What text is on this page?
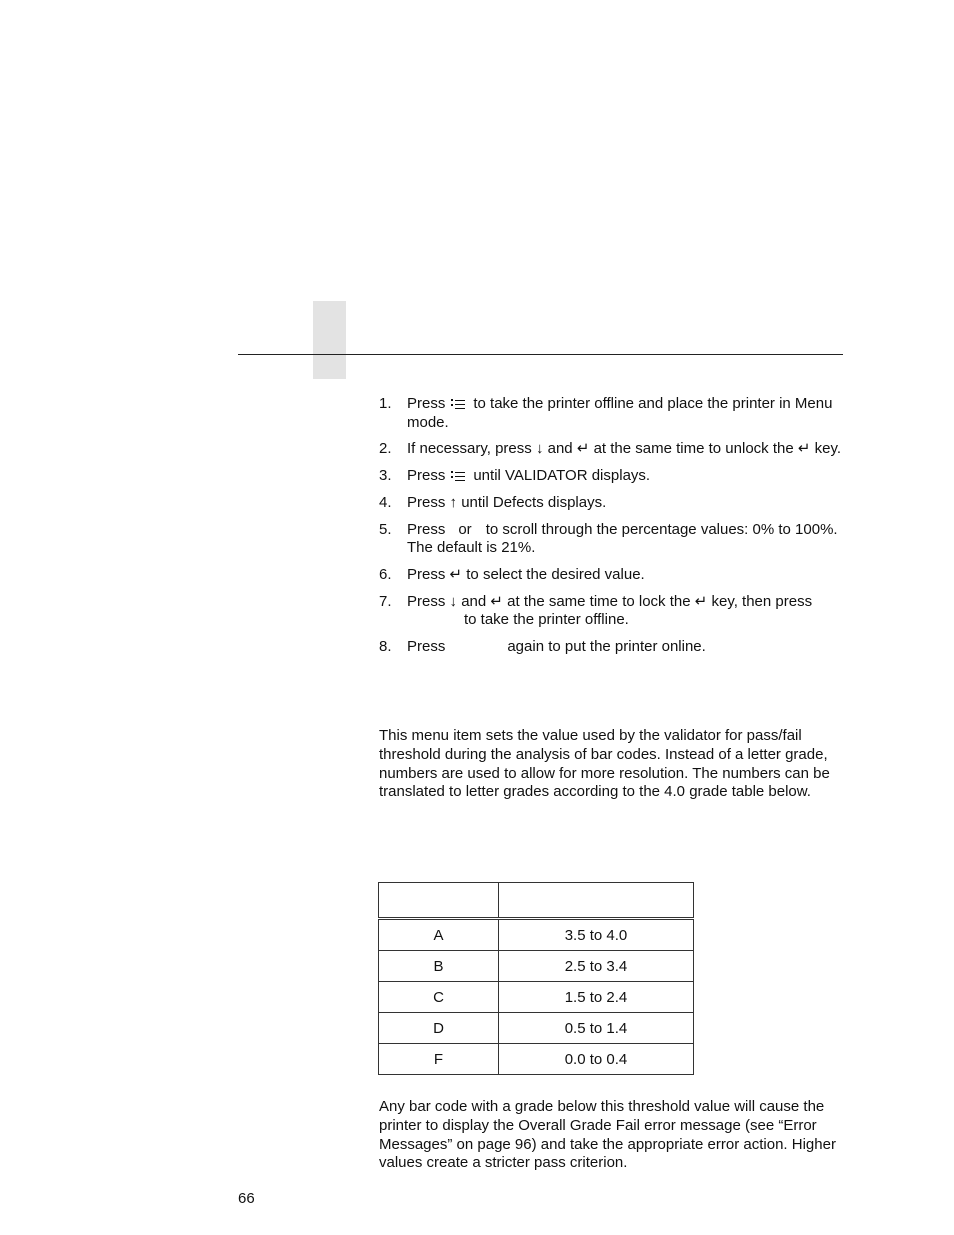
1. Press to take the printer offline and place the printer in Menu mode.
2. If necessary, press ↓ and ↵ at the same time to unlock the ↵ key.
3. Press until VALIDATOR displays.
4. Press ↑ until Defects displays.
5. Press or to scroll through the percentage values: 0% to 100%. The default is 21%.
6. Press ↵ to select the desired value.
7. Press ↓ and ↵ at the same time to lock the ↵ key, then press
to take the printer offline.
8. Press	again to put the printer online.

This menu item sets the value used by the validator for pass/fail threshold during the analysis of bar codes. Instead of a letter grade, numbers are used to allow for more resolution. The numbers can be translated to letter grades according to the 4.0 grade table below.

A	3.5 to 4.0
B	2.5 to 3.4
C	1.5 to 2.4
D	0.5 to 1.4
F	0.0 to 0.4

Any bar code with a grade below this threshold value will cause the printer to display the Overall Grade Fail error message (see “Error Messages” on page 96) and take the appropriate error action. Higher values create a stricter pass criterion.

66
